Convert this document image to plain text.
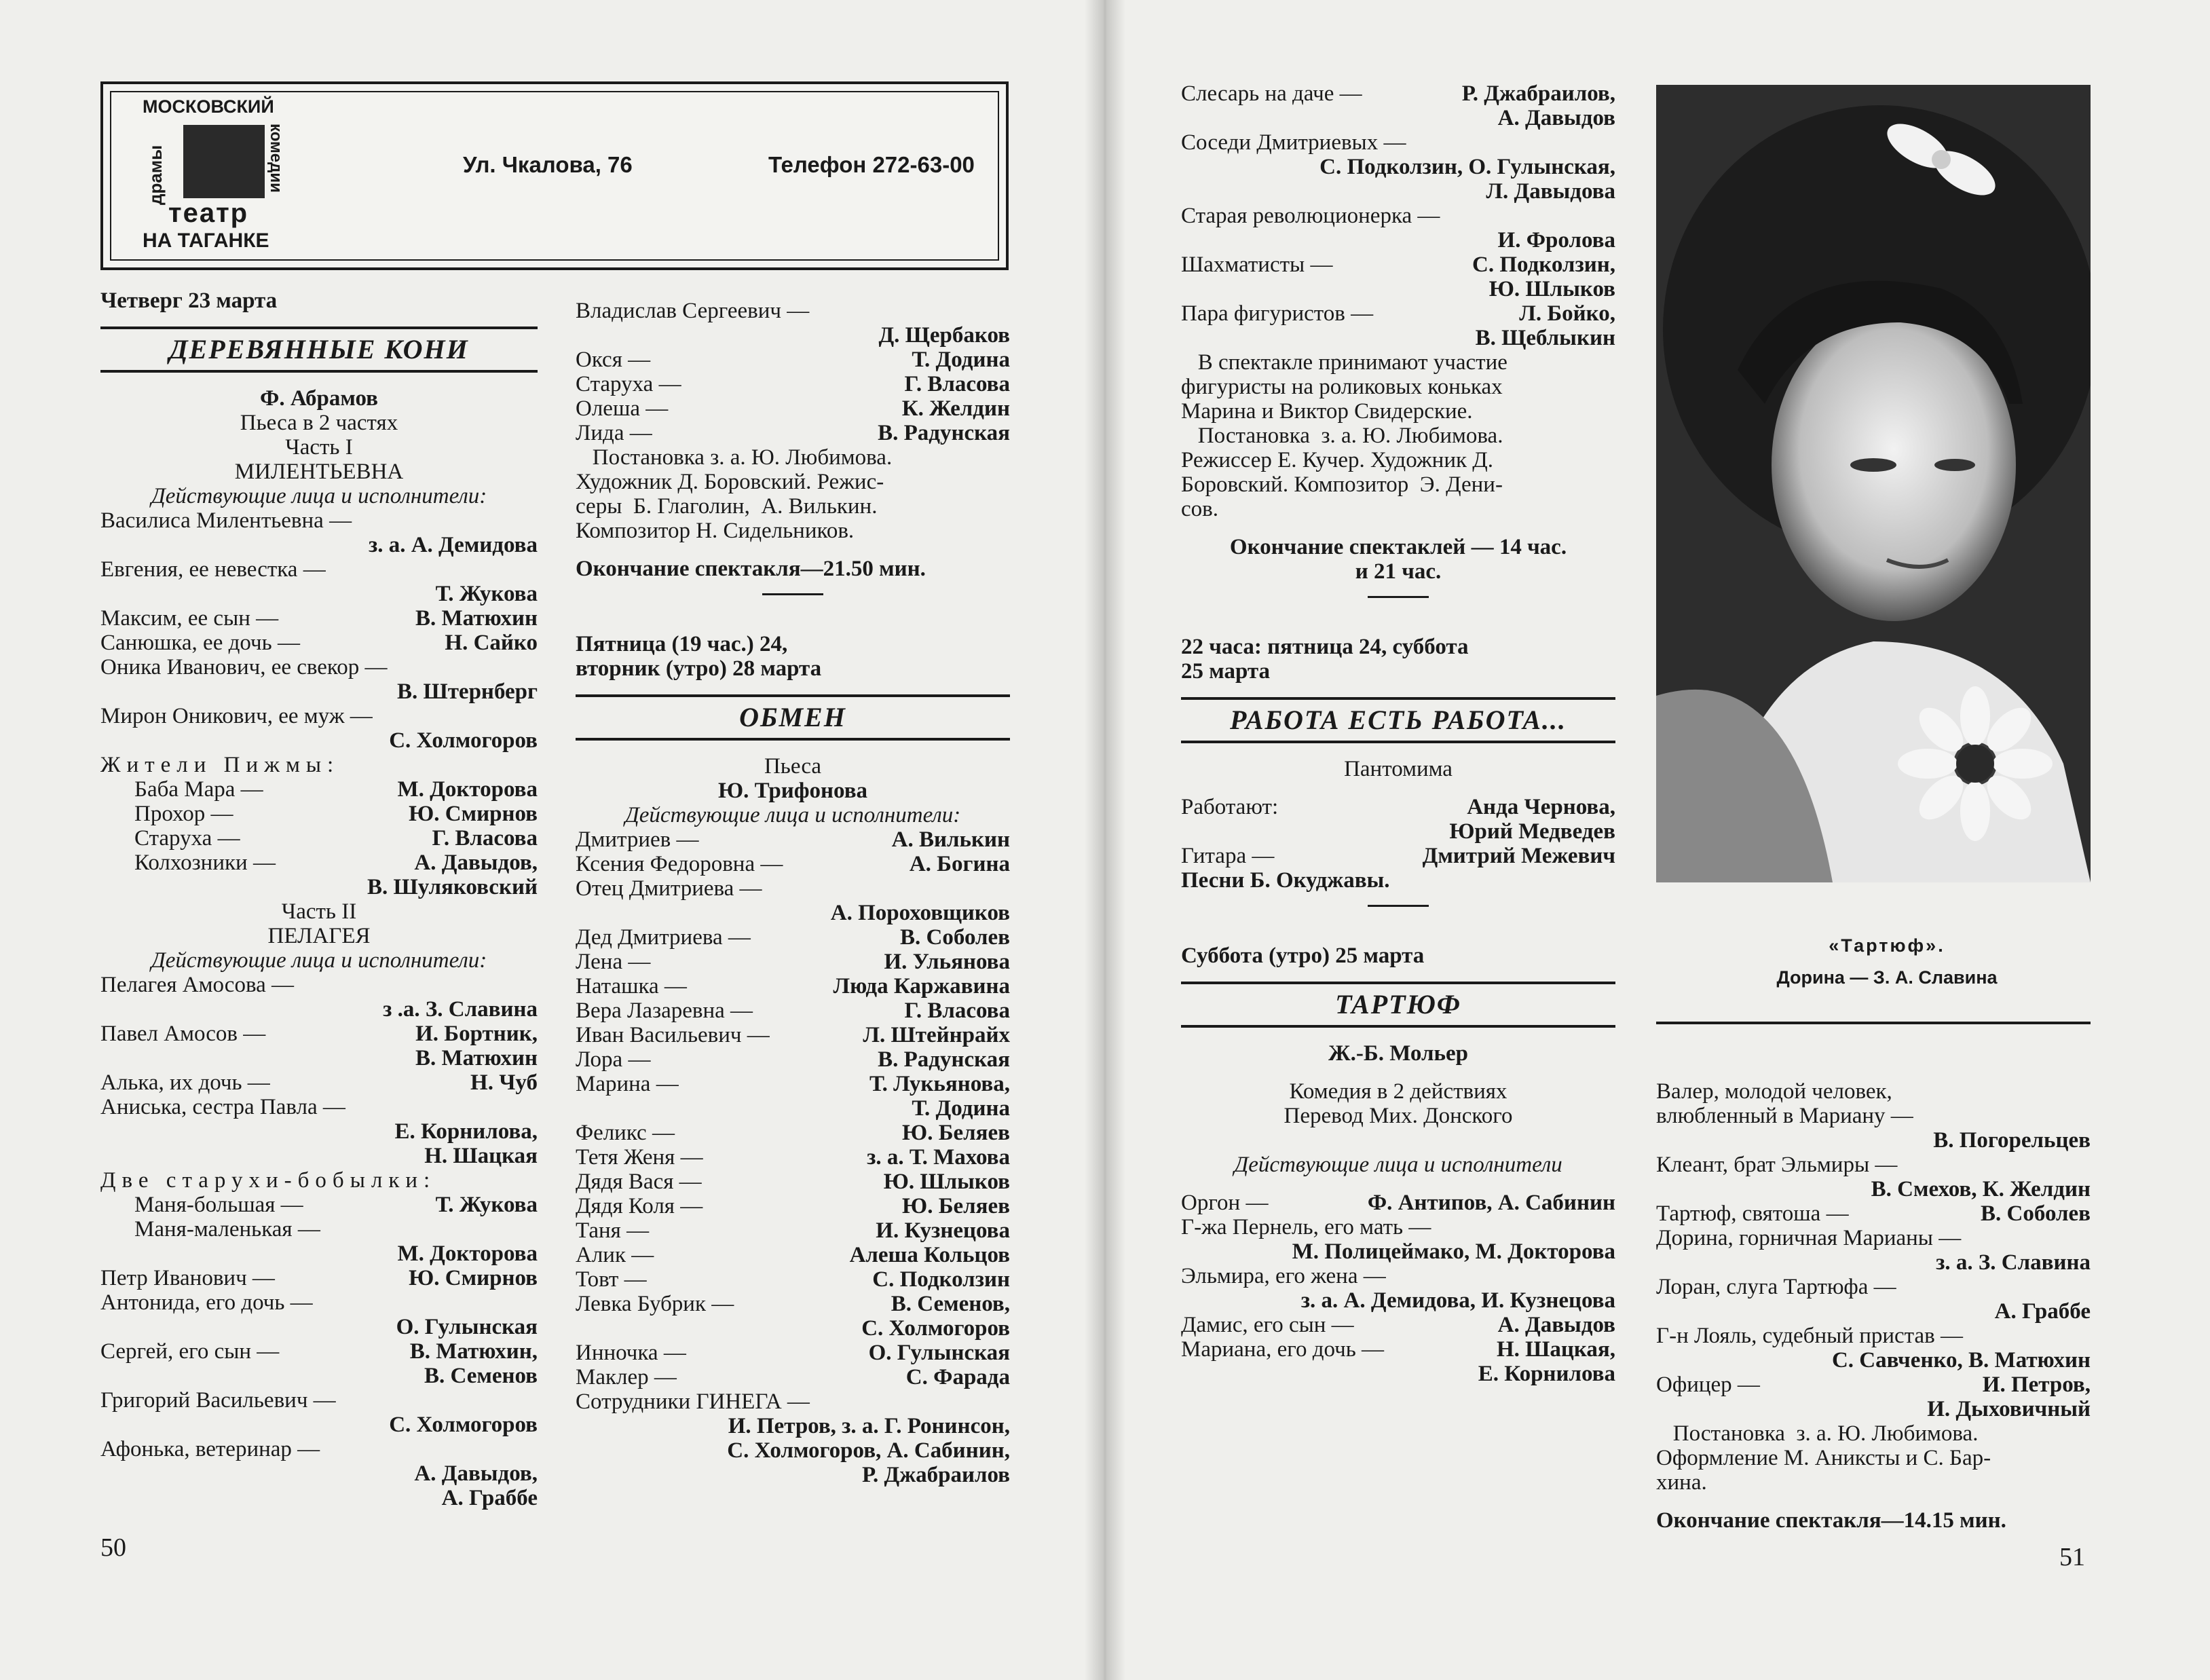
МОСКОВСКИЙ
драмы	комедии
театр
НА ТАГАНКЕ
Ул. Чкалова, 76	Телефон 272-63-00
Четверг 23 марта
ДЕРЕВЯННЫЕ КОНИ
Ф. Абрамов
Пьеса в 2 частях
Часть I
МИЛЕНТЬЕВНА
Действующие лица и исполнители:
Василиса Милентьевна —
з. а. А. Демидова
Евгения, ее невестка —
Т. Жукова
Максим, ее сын —	В. Матюхин
Санюшка, ее дочь —	Н. Сайко
Оника Иванович, ее свекор —
В. Штернберг
Мирон Оникович, ее муж —
С. Холмогоров
Жители Пижмы:
Баба Мара —	М. Докторова
Прохор —	Ю. Смирнов
Старуха —	Г. Власова
Колхозники —	А. Давыдов,
В. Шуляковский
Часть II
ПЕЛАГЕЯ
Действующие лица и исполнители:
Пелагея Амосова —
з .а. З. Славина
Павел Амосов —	И. Бортник,
В. Матюхин
Алька, их дочь —	Н. Чуб
Аниська, сестра Павла —
Е. Корнилова,
Н. Шацкая
Две старухи-бобылки:
Маня-большая —	Т. Жукова
Маня-маленькая —
М. Докторова
Петр Иванович —	Ю. Смирнов
Антонида, его дочь —
О. Гулынская
Сергей, его сын —	В. Матюхин,
В. Семенов
Григорий Васильевич —
С. Холмогоров
Афонька, ветеринар —
А. Давыдов,
А. Граббе
50
Владислав Сергеевич —
Д. Щербаков
Окся —	Т. Додина
Старуха —	Г. Власова
Олеша —	К. Желдин
Лида —	В. Радунская
Постановка з. а. Ю. Любимова.
Художник Д. Боровский. Режис-
серы  Б. Глаголин,  А. Вилькин.
Композитор Н. Сидельников.
Окончание спектакля—21.50 мин.
Пятница (19 час.) 24,
вторник (утро) 28 марта
ОБМЕН
Пьеса
Ю. Трифонова
Действующие лица и исполнители:
Дмитриев —	А. Вилькин
Ксения Федоровна —	А. Богина
Отец Дмитриева —
А. Пороховщиков
Дед Дмитриева —	В. Соболев
Лена —	И. Ульянова
Наташка —	Люда Каржавина
Вера Лазаревна —	Г. Власова
Иван Васильевич —	Л. Штейнрайх
Лора —	В. Радунская
Марина —	Т. Лукьянова,
Т. Додина
Феликс —	Ю. Беляев
Тетя Женя —	з. а. Т. Махова
Дядя Вася —	Ю. Шлыков
Дядя Коля —	Ю. Беляев
Таня —	И. Кузнецова
Алик —	Алеша Кольцов
Товт —	С. Подколзин
Левка Бубрик —	В. Семенов,
С. Холмогоров
Инночка —	О. Гулынская
Маклер —	С. Фарада
Сотрудники ГИНЕГА —
И. Петров, з. а. Г. Ронинсон,
С. Холмогоров, А. Сабинин,
Р. Джабраилов
Слесарь на даче —	Р. Джабраилов,
А. Давыдов
Соседи Дмитриевых —
С. Подколзин, О. Гулынская,
Л. Давыдова
Старая революционерка —
И. Фролова
Шахматисты —	С. Подколзин,
Ю. Шлыков
Пара фигуристов —	Л. Бойко,
В. Щеблыкин
В спектакле принимают участие
фигуристы на роликовых коньках
Марина и Виктор Свидерские.
Постановка  з. а. Ю. Любимова.
Режиссер Е. Кучер. Художник Д.
Боровский. Композитор  Э. Дени-
сов.
Окончание спектаклей — 14 час.
и 21 час.
22 часа: пятница 24, суббота
25 марта
РАБОТА ЕСТЬ РАБОТА...
Пантомима
Работают:	Анда Чернова,
Юрий Медведев
Гитара —	Дмитрий Межевич
Песни Б. Окуджавы.
Суббота (утро) 25 марта
ТАРТЮФ
Ж.-Б. Мольер
Комедия в 2 действиях
Перевод Мих. Донского
Действующие лица и исполнители
Оргон —	Ф. Антипов, А. Сабинин
Г-жа Пернель, его мать —
М. Полицеймако, М. Докторова
Эльмира, его жена —
з. а. А. Демидова, И. Кузнецова
Дамис, его сын —	А. Давыдов
Мариана, его дочь —	Н. Шацкая,
Е. Корнилова
«Тартюф».
Дорина — З. А. Славина
Валер, молодой человек,
влюбленный в Мариану —
В. Погорельцев
Клеант, брат Эльмиры —
В. Смехов, К. Желдин
Тартюф, святоша —	В. Соболев
Дорина, горничная Марианы —
з. а. З. Славина
Лоран, слуга Тартюфа —
А. Граббе
Г-н Лояль, судебный пристав —
С. Савченко, В. Матюхин
Офицер —	И. Петров,
И. Дыховичный
Постановка  з. а. Ю. Любимова.
Оформление М. Аниксты и С. Бар-
хина.
Окончание спектакля—14.15 мин.
51
